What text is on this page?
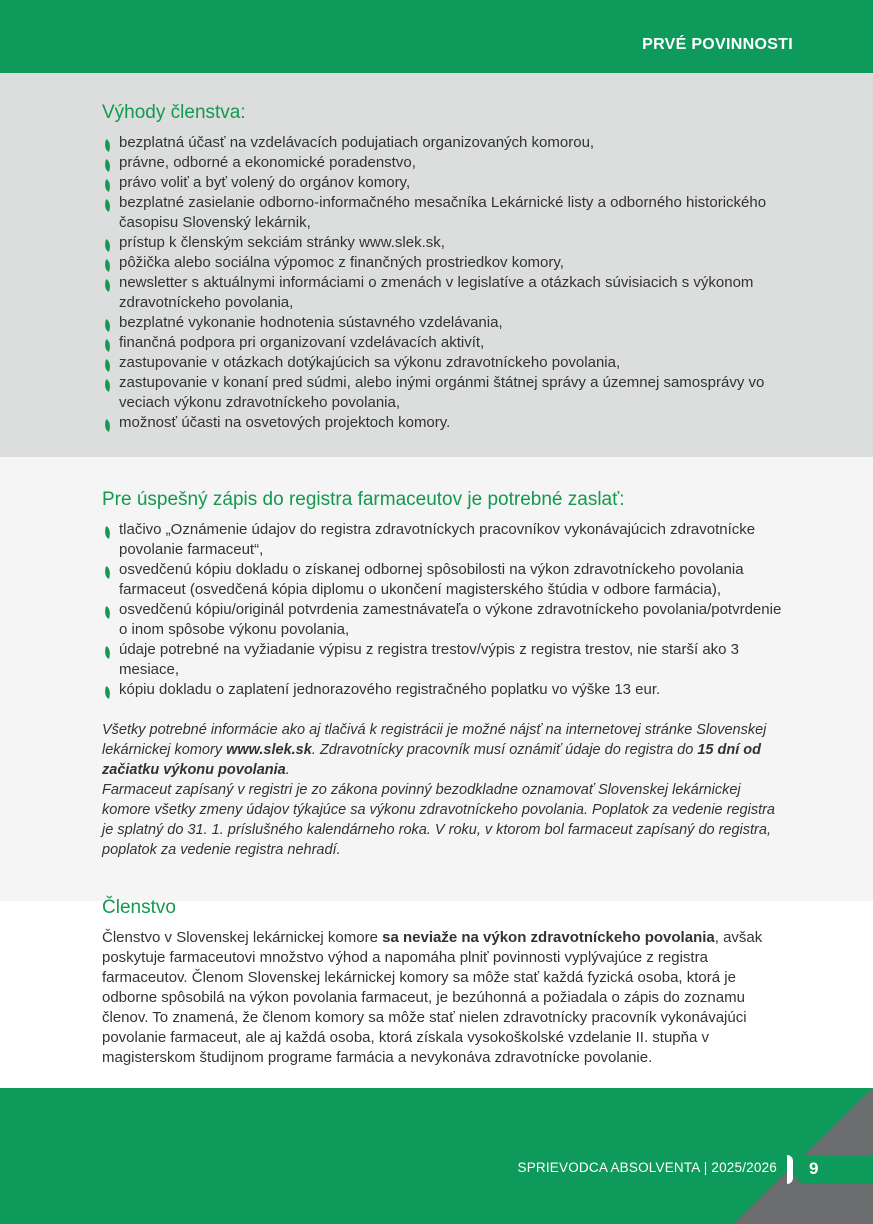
PRVÉ POVINNOSTI
Výhody členstva:
bezplatná účasť na vzdelávacích podujatiach organizovaných komorou,
právne, odborné a ekonomické poradenstvo,
právo voliť a byť volený do orgánov komory,
bezplatné zasielanie odborno-informačného mesačníka Lekárnické listy a odborného historického časopisu Slovenský lekárnik,
prístup k členským sekciám stránky www.slek.sk,
pôžička alebo sociálna výpomoc z finančných prostriedkov komory,
newsletter s aktuálnymi informáciami o zmenách v legislatíve a otázkach súvisiacich s výkonom zdravotníckeho povolania,
bezplatné vykonanie hodnotenia sústavného vzdelávania,
finančná podpora pri organizovaní vzdelávacích aktivít,
zastupovanie v otázkach dotýkajúcich sa výkonu zdravotníckeho povolania,
zastupovanie v konaní pred súdmi, alebo inými orgánmi štátnej správy a územnej samosprávy vo veciach výkonu zdravotníckeho povolania,
možnosť účasti na osvetových projektoch komory.
Pre úspešný zápis do registra farmaceutov je potrebné zaslať:
tlačivo „Oznámenie údajov do registra zdravotníckych pracovníkov vykonávajúcich zdravotnícke povolanie farmaceut“,
osvedčenú kópiu dokladu o získanej odbornej spôsobilosti na výkon zdravotníckeho povolania farmaceut (osvedčená kópia diplomu o ukončení magisterského štúdia v odbore farmácia),
osvedčenú kópiu/originál potvrdenia zamestnávateľa o výkone zdravotníckeho povolania/potvrdenie o inom spôsobe výkonu povolania,
údaje potrebné na vyžiadanie výpisu z registra trestov/výpis z registra trestov, nie starší ako 3 mesiace,
kópiu dokladu o zaplatení jednorazového registračného poplatku vo výške 13 eur.

Všetky potrebné informácie ako aj tlačivá k registrácii je možné nájsť na internetovej stránke Slovenskej lekárnickej komory www.slek.sk. Zdravotnícky pracovník musí oznámiť údaje do registra do 15 dní od začiatku výkonu povolania.

Farmaceut zapísaný v registri je zo zákona povinný bezodkladne oznamovať Slovenskej lekárnickej komore všetky zmeny údajov týkajúce sa výkonu zdravotníckeho povolania. Poplatok za vedenie registra je splatný do 31. 1. príslušného kalendárneho roka. V roku, v ktorom bol farmaceut zapísaný do registra, poplatok za vedenie registra nehradí.

Členstvo

Členstvo v Slovenskej lekárnickej komore sa neviaže na výkon zdravotníckeho povolania, avšak poskytuje farmaceutovi množstvo výhod a napomáha plniť povinnosti vyplývajúce z registra farmaceutov. Členom Slovenskej lekárnickej komory sa môže stať každá fyzická osoba, ktorá je odborne spôsobilá na výkon povolania farmaceut, je bezúhonná a požiadala o zápis do zoznamu členov. To znamená, že členom komory sa môže stať nielen zdravotnícky pracovník vykonávajúci povolanie farmaceut, ale aj každá osoba, ktorá získala vysokoškolské vzdelanie II. stupňa v magisterskom študijnom programe farmácia a nevykonáva zdravotnícke povolanie.

SPRIEVODCA ABSOLVENTA | 2025/2026 9
